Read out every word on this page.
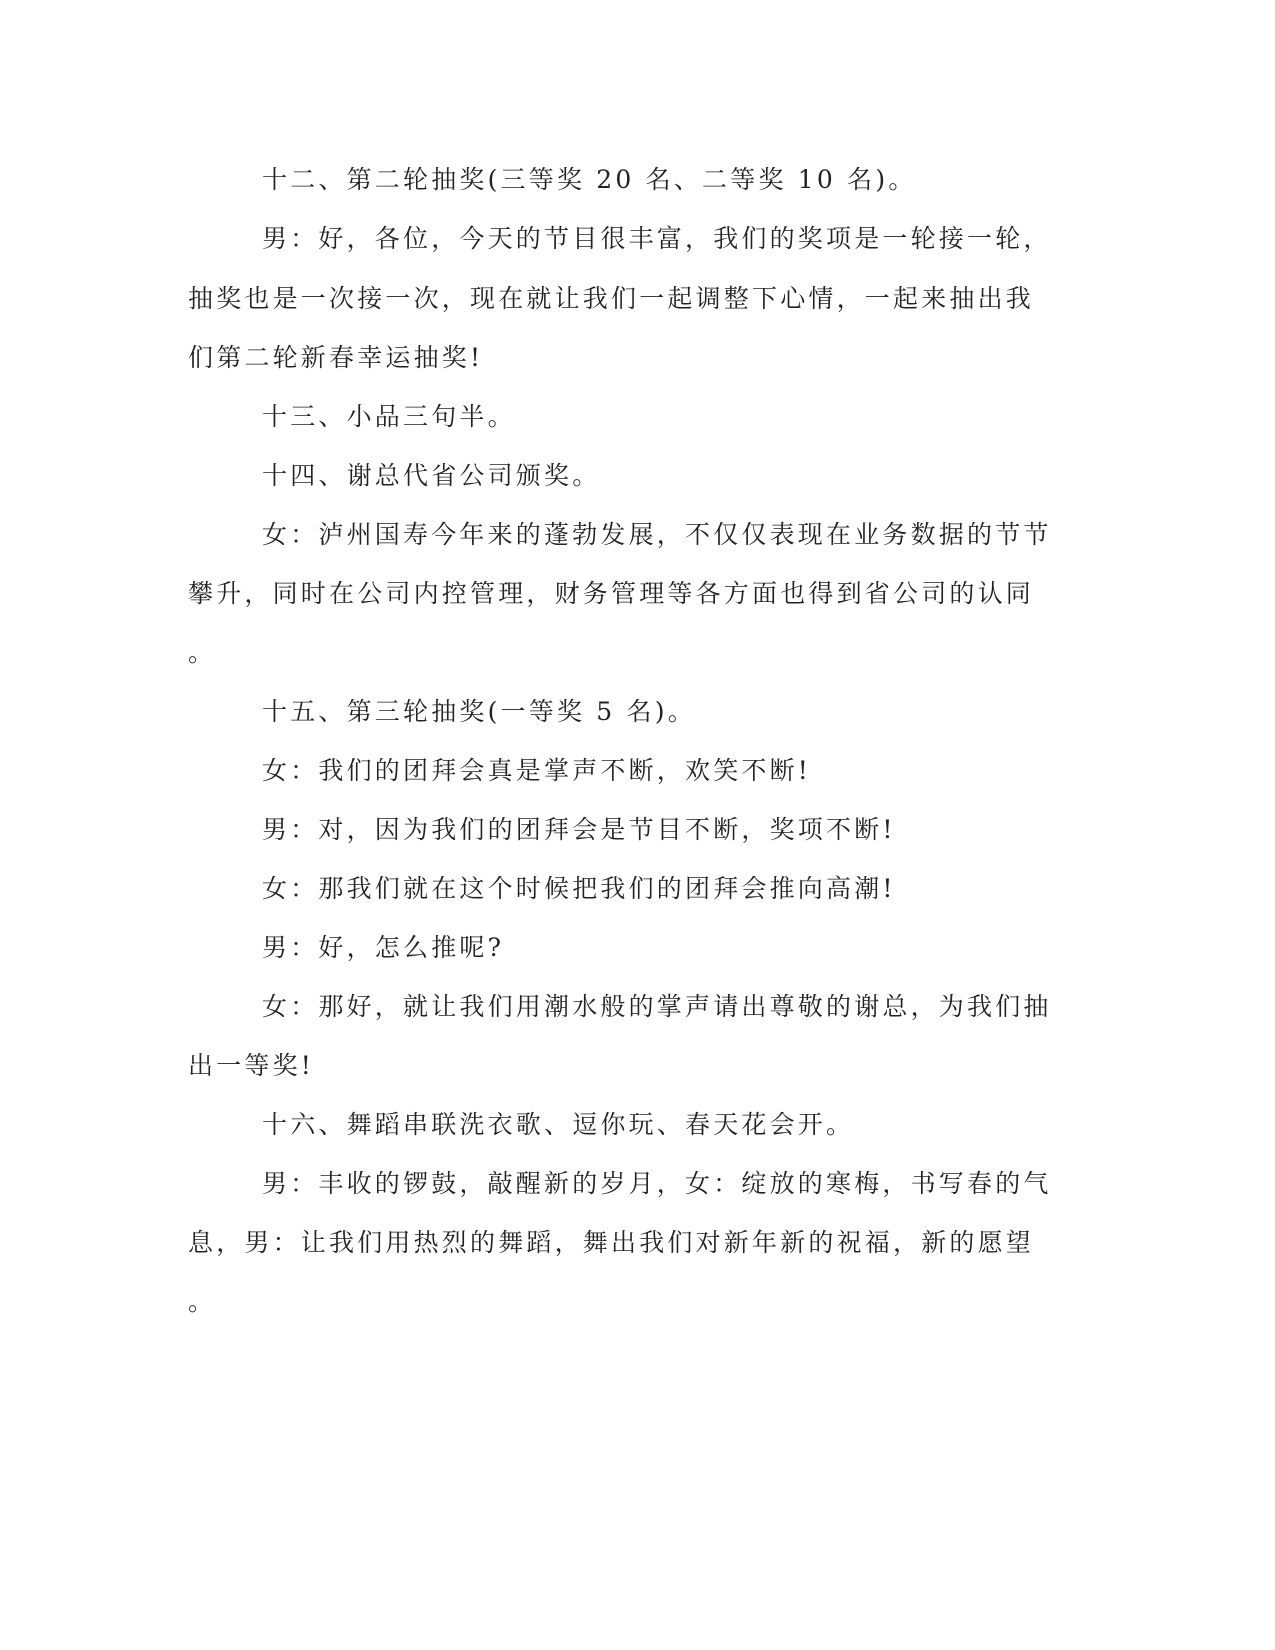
十二、第二轮抽奖(三等奖 20 名、二等奖 10 名)。
男：好，各位，今天的节目很丰富，我们的奖项是一轮接一轮，
抽奖也是一次接一次，现在就让我们一起调整下心情，一起来抽出我
们第二轮新春幸运抽奖!
十三、小品三句半。
十四、谢总代省公司颁奖。
女：泸州国寿今年来的蓬勃发展，不仅仅表现在业务数据的节节
攀升，同时在公司内控管理，财务管理等各方面也得到省公司的认同
。
十五、第三轮抽奖(一等奖 5 名)。
女：我们的团拜会真是掌声不断，欢笑不断!
男：对，因为我们的团拜会是节目不断，奖项不断!
女：那我们就在这个时候把我们的团拜会推向高潮!
男：好，怎么推呢?
女：那好，就让我们用潮水般的掌声请出尊敬的谢总，为我们抽
出一等奖!
十六、舞蹈串联洗衣歌、逗你玩、春天花会开。
男：丰收的锣鼓，敲醒新的岁月，女：绽放的寒梅，书写春的气
息，男：让我们用热烈的舞蹈，舞出我们对新年新的祝福，新的愿望
。
